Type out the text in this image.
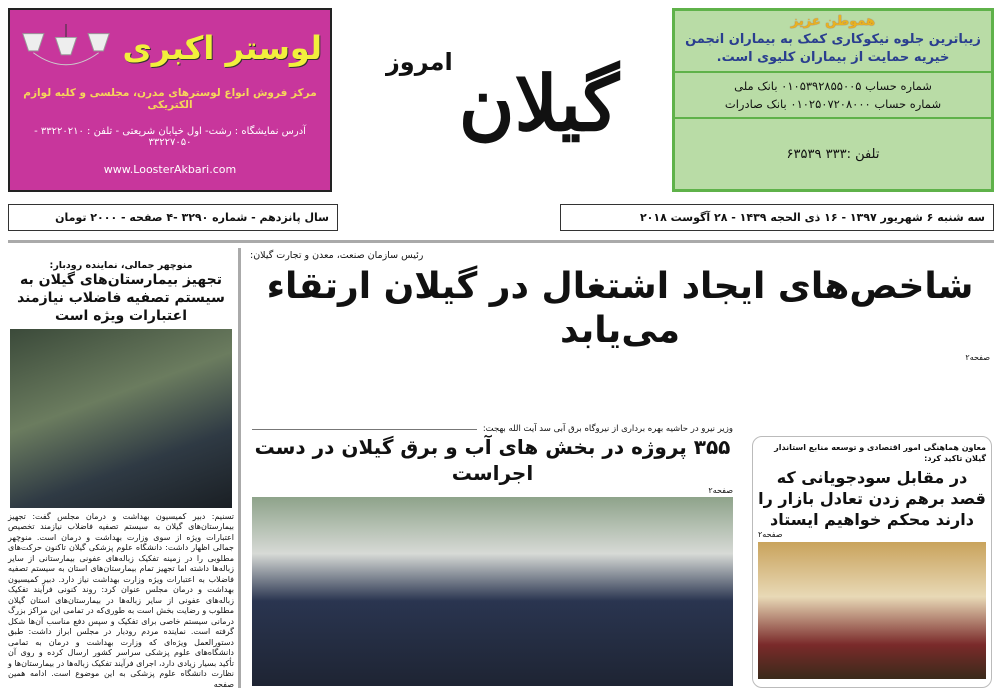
لوستر اکبری
مرکز فروش انواع لوسترهای مدرن، مجلسی و کلیه لوازم الکتریکی
آدرس نمایشگاه : رشت- اول خیابان شریعتی - تلفن : ۳۳۲۲۰۲۱۰ - ۳۳۲۲۷۰۵۰
www.LoosterAkbari.com
گیلان
امروز
هموطن عزیز
زیباترین جلوه نیکوکاری کمک به بیماران انجمن خیریه حمایت از بیماران کلیوی است.
شماره حساب ۰۱۰۵۳۹۲۸۵۵۰۰۵ بانک ملی
شماره حساب ۰۱۰۲۵۰۷۲۰۸۰۰۰ بانک صادرات
تلفن :۳۳۳ ۶۳۵۳۹
سال پانزدهم - شماره ۳۲۹۰ -۴ صفحه - ۲۰۰۰ تومان	سه شنبه ۶ شهریور ۱۳۹۷ - ۱۶ ذی الحجه ۱۴۳۹ - ۲۸ آگوست ۲۰۱۸
منوچهر جمالی، نماینده رودبار:
تجهیز بیمارستان‌های گیلان به سیستم تصفیه فاضلاب نیازمند اعتبارات ویژه است
تسنیم: دبیر کمیسیون بهداشت و درمان مجلس گفت: تجهیز بیمارستان‌های گیلان به سیستم تصفیه فاضلاب نیازمند تخصیص اعتبارات ویژه از سوی وزارت بهداشت و درمان است. منوچهر جمالی اظهار داشت: دانشگاه علوم پزشکی گیلان تاکنون حرکت‌های مطلوبی را در زمینه تفکیک زباله‌های عفونی بیمارستانی از سایر زباله‌ها داشته اما تجهیز تمام بیمارستان‌های استان به سیستم تصفیه فاضلاب به اعتبارات ویژه وزارت بهداشت نیاز دارد. دبیر کمیسیون بهداشت و درمان مجلس عنوان کرد: روند کنونی فرآیند تفکیک زباله‌های عفونی از سایر زباله‌ها در بیمارستان‌های استان گیلان مطلوب و رضایت بخش است به طوری‌که در تمامی این مراکز بزرگ درمانی سیستم خاصی برای تفکیک و سپس دفع مناسب آن‌ها شکل گرفته است. نماینده مردم رودبار در مجلس ابراز داشت: طبق دستورالعمل ویژه‌ای که وزارت بهداشت و درمان به تمامی دانشگاه‌های علوم پزشکی سراسر کشور ارسال کرده و روی آن تأکید بسیار زیادی دارد، اجرای فرآیند تفکیک زباله‌ها در بیمارستان‌ها و نظارت دانشگاه علوم پزشکی به این موضوع است. ادامه همین صفحه
رئیس سازمان صنعت، معدن و تجارت گیلان:
شاخص‌های ایجاد اشتغال در گیلان ارتقاء می‌یابد
صفحه۲
وزیر نیرو در حاشیه بهره برداری از نیروگاه برق آبی سد آیت الله بهجت:
۳۵۵ پروژه در بخش های آب و برق گیلان در دست اجراست
صفحه۲
معاون هماهنگی امور اقتصادی و توسعه منابع استاندار گیلان تاکید کرد:
در مقابل سودجویانی که قصد برهم زدن تعادل بازار را دارند محکم خواهیم ایستاد
صفحه۲
